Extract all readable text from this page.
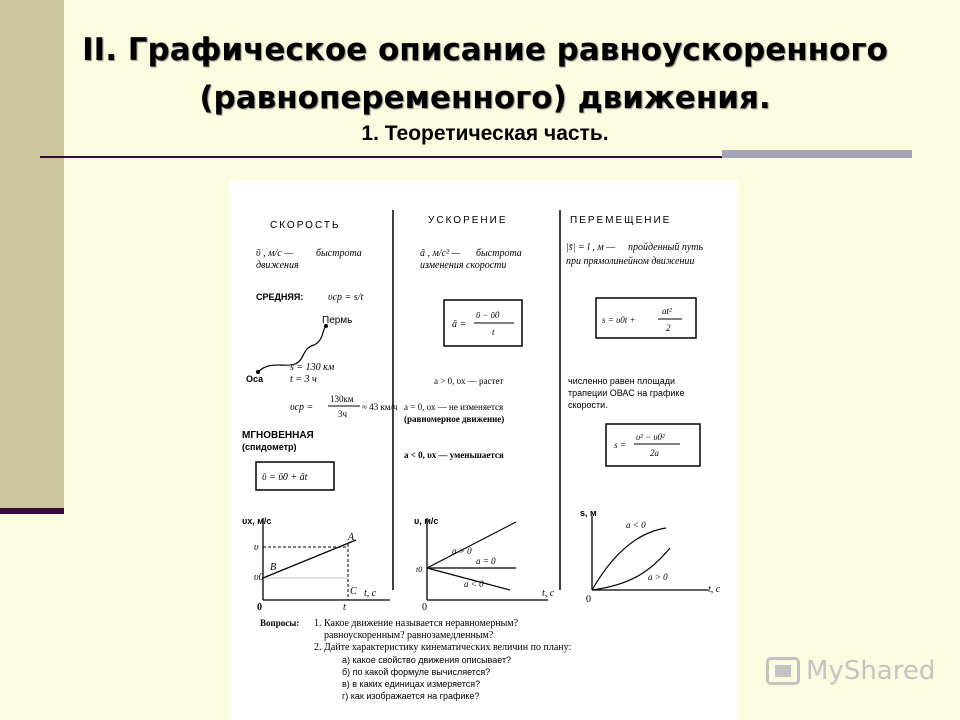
II. Графическое описание равноускоренного
(равнопеременного) движения.
1. Теоретическая часть.
СКОРОСТЬ	УСКОРЕНИЕ	ПЕРЕМЕЩЕНИЕ
ῡ , м/с — быстрота
движения
СРЕДНЯЯ: υср = s/t
Пермь
Оса
s = 130 км
t = 3 ч
υср =
130км
3ч
≈ 43 км/ч
МГНОВЕННАЯ
(спидометр)
ῡ = ῡ0 + āt
υx, м/с
t, c
0
υ
υ0
A
B
C
t
ā , м/с² — быстрота
изменения скорости
ā =
ῡ − ῡ0
t
a > 0, υx — растет
a = 0, υx — не изменяется
(равномерное движение)
a < 0, υx — уменьшается
υ, м/с
t, c
0
t0
a > 0
a = 0
a < 0
|s̄| = l , м — пройденный путь
при прямолинейном движении
s = υ0t +
at²
2
численно равен площади
трапеции ОВАС на графике
скорости.
s =
υ² − υ0²
2a
s, м
t, c
0
a < 0
a > 0
Вопросы: 1. Какое движение называется неравномерным?
равноускоренным? равнозамедленным?
2. Дайте характеристику кинематических величин по плану:
а) какое свойство движения описывает?
б) по какой формуле вычисляется?
в) в каких единицах измеряется?
г) как изображается на графике?
MyShared
